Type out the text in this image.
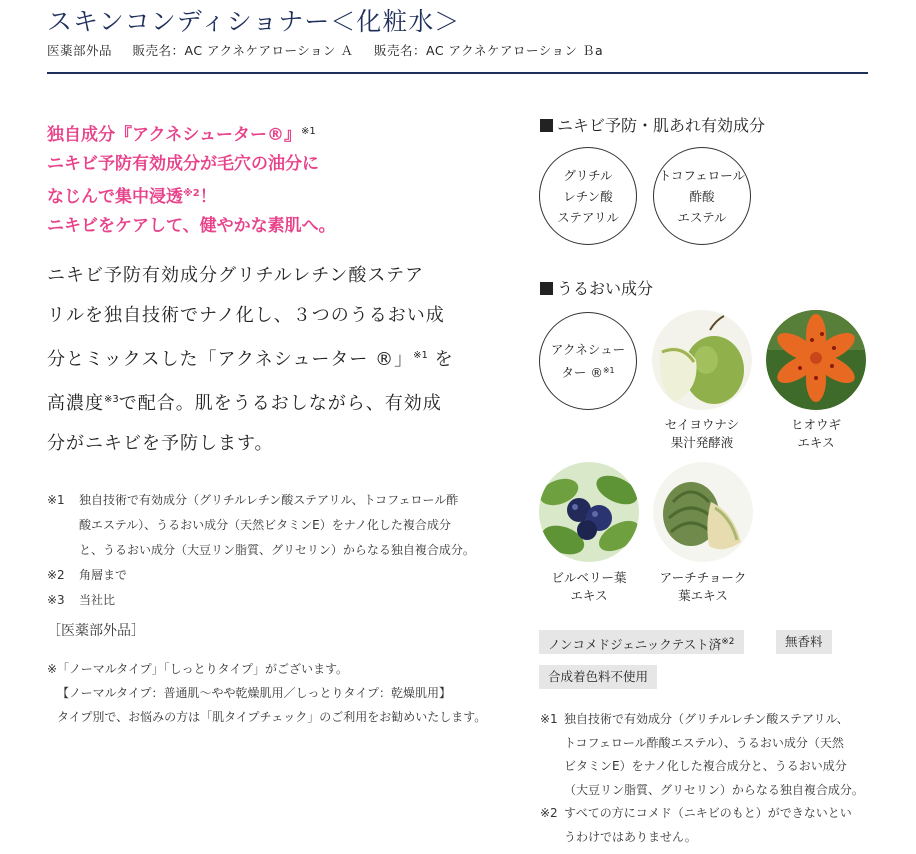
スキンコンディショナー＜化粧水＞
医薬部外品 販売名：AC アクネケアローション Ａ 販売名：AC アクネケアローション Ｂa
独自成分『アクネシューター®』$^{※1}$
ニキビ予防有効成分が毛穴の油分に
なじんで集中浸透$^{※2}$！
ニキビをケアして、健やかな素肌へ。
ニキビ予防有効成分グリチルレチン酸ステア
リルを独自技術でナノ化し、３つのうるおい成
分とミックスした「アクネシューター ®」$^{※1}$ を
高濃度$^{※3}$で配合。肌をうるおしながら、有効成
分がニキビを予防します。
※1	独自技術で有効成分（グリチルレチン酸ステアリル、トコフェロール酢
酸エステル）、うるおい成分（天然ビタミンE）をナノ化した複合成分
と、うるおい成分（大豆リン脂質、グリセリン）からなる独自複合成分。
※2	角層まで
※3	当社比
［医薬部外品］
※「ノーマルタイプ」「しっとりタイプ」がございます。
【ノーマルタイプ：普通肌～やや乾燥肌用／しっとりタイプ：乾燥肌用】
タイプ別で、お悩みの方は「肌タイプチェック」のご利用をお勧めいたします。
ニキビ予防・肌あれ有効成分
グリチル
レチン酸
ステアリル
トコフェロール
酢酸
エステル
うるおい成分
アクネシュー
ター ®$^{※1}$
セイヨウナシ
果汁発酵液
ヒオウギ
エキス
ビルベリー葉
エキス
アーチチョーク
葉エキス
ノンコメドジェニックテスト済$^{※2}$	無香料
合成着色料不使用
※1 独自技術で有効成分（グリチルレチン酸ステアリル、
トコフェロール酢酸エステル）、うるおい成分（天然
ビタミンE）をナノ化した複合成分と、うるおい成分
（大豆リン脂質、グリセリン）からなる独自複合成分。
※2 すべての方にコメド（ニキビのもと）ができないとい
うわけではありません。
